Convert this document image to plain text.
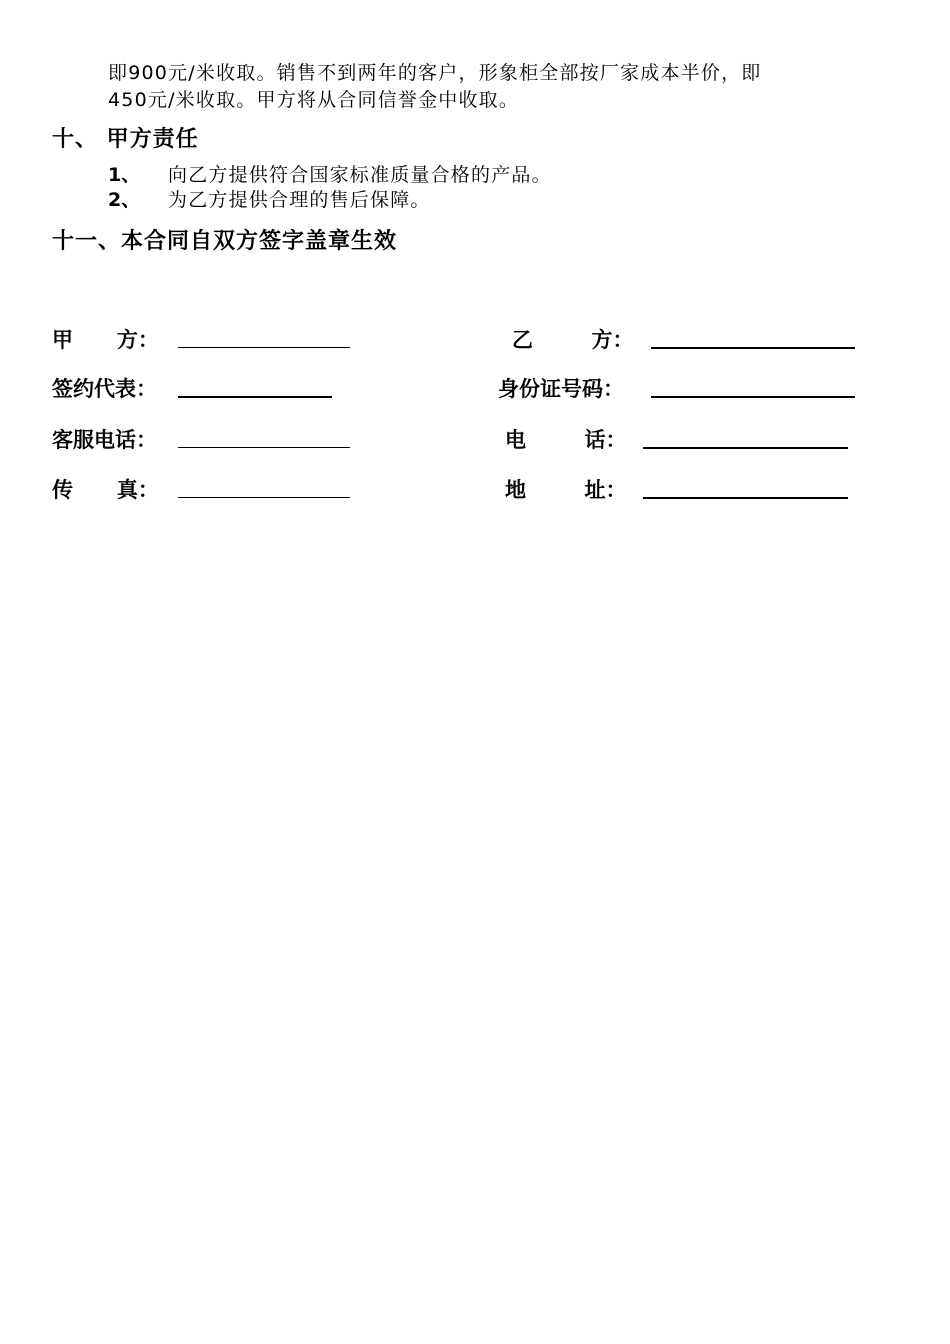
即900元/米收取。销售不到两年的客户，形象柜全部按厂家成本半价，即
450元/米收取。甲方将从合同信誉金中收取。
十、 甲方责任
1、 向乙方提供符合国家标准质量合格的产品。
2、 为乙方提供合理的售后保障。
十一、本合同自双方签字盖章生效
甲      方：
签约代表：
客服电话：
传      真：
乙        方：
身份证号码：
电        话：
地        址：
